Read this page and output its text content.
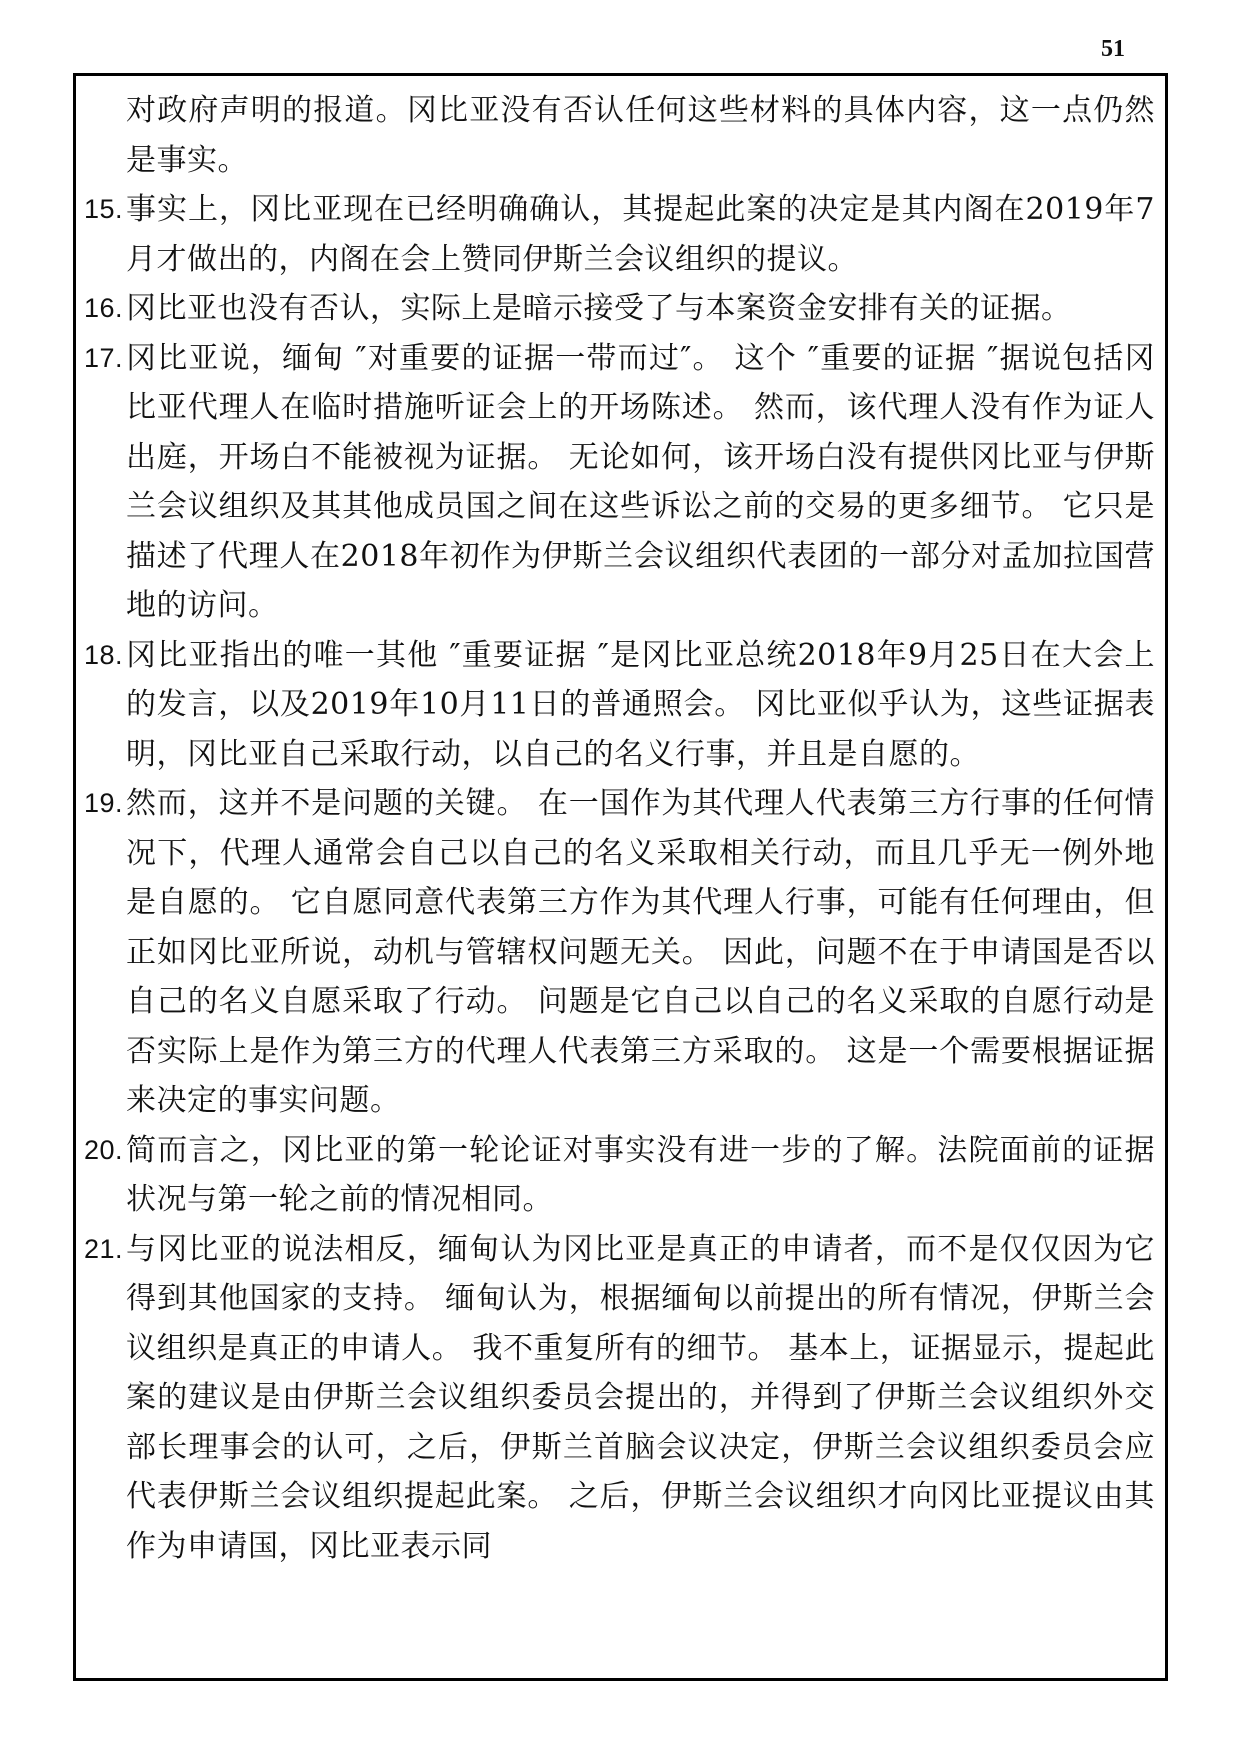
51
对政府声明的报道。冈比亚没有否认任何这些材料的具体内容，这一点仍然是事实。
15. 事实上，冈比亚现在已经明确确认，其提起此案的决定是其内阁在2019年7月才做出的，内阁在会上赞同伊斯兰会议组织的提议。
16. 冈比亚也没有否认，实际上是暗示接受了与本案资金安排有关的证据。
17. 冈比亚说，缅甸 ″对重要的证据一带而过″。 这个 ″重要的证据 ″据说包括冈比亚代理人在临时措施听证会上的开场陈述。 然而，该代理人没有作为证人出庭，开场白不能被视为证据。 无论如何，该开场白没有提供冈比亚与伊斯兰会议组织及其其他成员国之间在这些诉讼之前的交易的更多细节。 它只是描述了代理人在2018年初作为伊斯兰会议组织代表团的一部分对孟加拉国营地的访问。
18. 冈比亚指出的唯一其他 ″重要证据 ″是冈比亚总统2018年9月25日在大会上的发言，以及2019年10月11日的普通照会。 冈比亚似乎认为，这些证据表明，冈比亚自己采取行动，以自己的名义行事，并且是自愿的。
19. 然而，这并不是问题的关键。 在一国作为其代理人代表第三方行事的任何情况下，代理人通常会自己以自己的名义采取相关行动，而且几乎无一例外地是自愿的。 它自愿同意代表第三方作为其代理人行事，可能有任何理由，但正如冈比亚所说，动机与管辖权问题无关。 因此，问题不在于申请国是否以自己的名义自愿采取了行动。 问题是它自己以自己的名义采取的自愿行动是否实际上是作为第三方的代理人代表第三方采取的。 这是一个需要根据证据来决定的事实问题。
20. 简而言之，冈比亚的第一轮论证对事实没有进一步的了解。法院面前的证据状况与第一轮之前的情况相同。
21. 与冈比亚的说法相反，缅甸认为冈比亚是真正的申请者，而不是仅仅因为它得到其他国家的支持。 缅甸认为，根据缅甸以前提出的所有情况，伊斯兰会议组织是真正的申请人。 我不重复所有的细节。 基本上，证据显示，提起此案的建议是由伊斯兰会议组织委员会提出的，并得到了伊斯兰会议组织外交部长理事会的认可，之后，伊斯兰首脑会议决定，伊斯兰会议组织委员会应代表伊斯兰会议组织提起此案。 之后，伊斯兰会议组织才向冈比亚提议由其作为申请国，冈比亚表示同
